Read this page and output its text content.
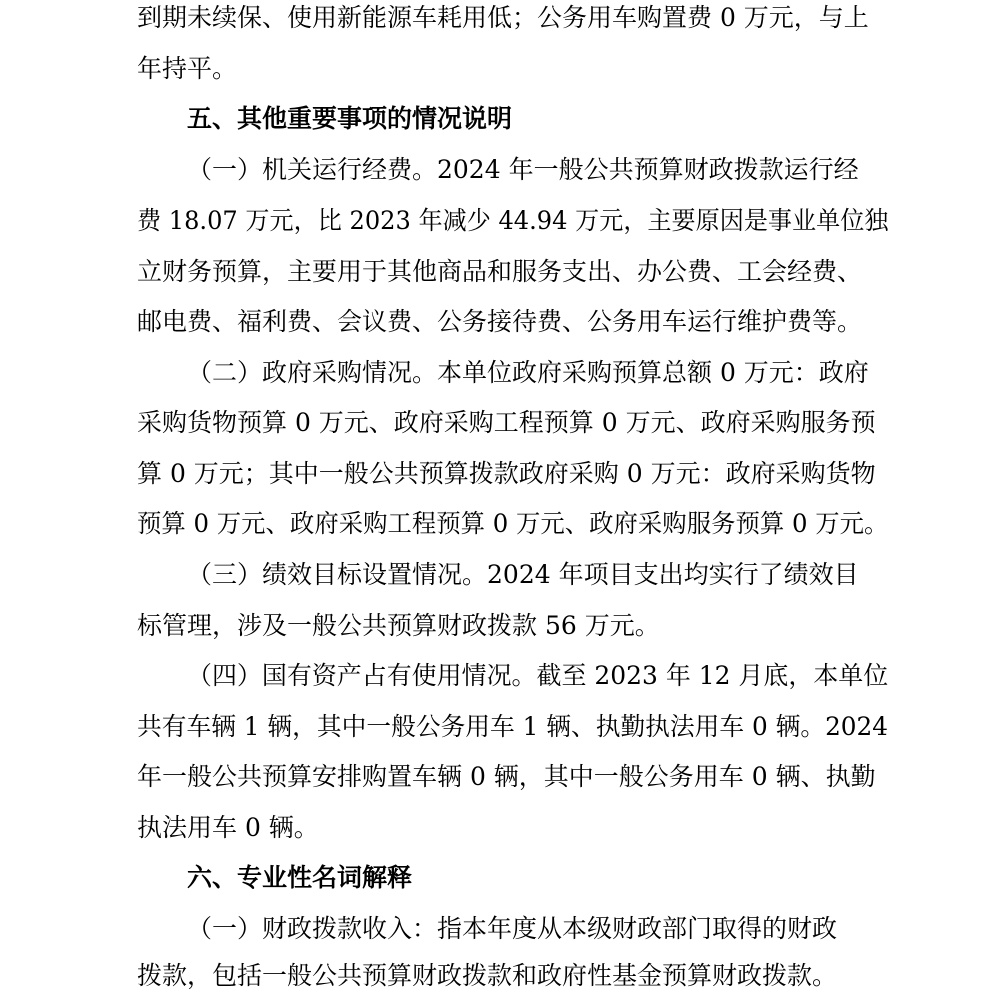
到期未续保、使用新能源车耗用低；公务用车购置费 0 万元，与上
年持平。
五、其他重要事项的情况说明
（一）机关运行经费。2024 年一般公共预算财政拨款运行经
费 18.07 万元，比 2023 年减少 44.94 万元，主要原因是事业单位独
立财务预算，主要用于其他商品和服务支出、办公费、工会经费、
邮电费、福利费、会议费、公务接待费、公务用车运行维护费等。
（二）政府采购情况。本单位政府采购预算总额 0 万元：政府
采购货物预算 0 万元、政府采购工程预算 0 万元、政府采购服务预
算 0 万元；其中一般公共预算拨款政府采购 0 万元：政府采购货物
预算 0 万元、政府采购工程预算 0 万元、政府采购服务预算 0 万元。
（三）绩效目标设置情况。2024 年项目支出均实行了绩效目
标管理，涉及一般公共预算财政拨款 56 万元。
（四）国有资产占有使用情况。截至 2023 年 12 月底，本单位
共有车辆 1 辆，其中一般公务用车 1 辆、执勤执法用车 0 辆。2024
年一般公共预算安排购置车辆 0 辆，其中一般公务用车 0 辆、执勤
执法用车 0 辆。
六、专业性名词解释
（一）财政拨款收入：指本年度从本级财政部门取得的财政
拨款，包括一般公共预算财政拨款和政府性基金预算财政拨款。
